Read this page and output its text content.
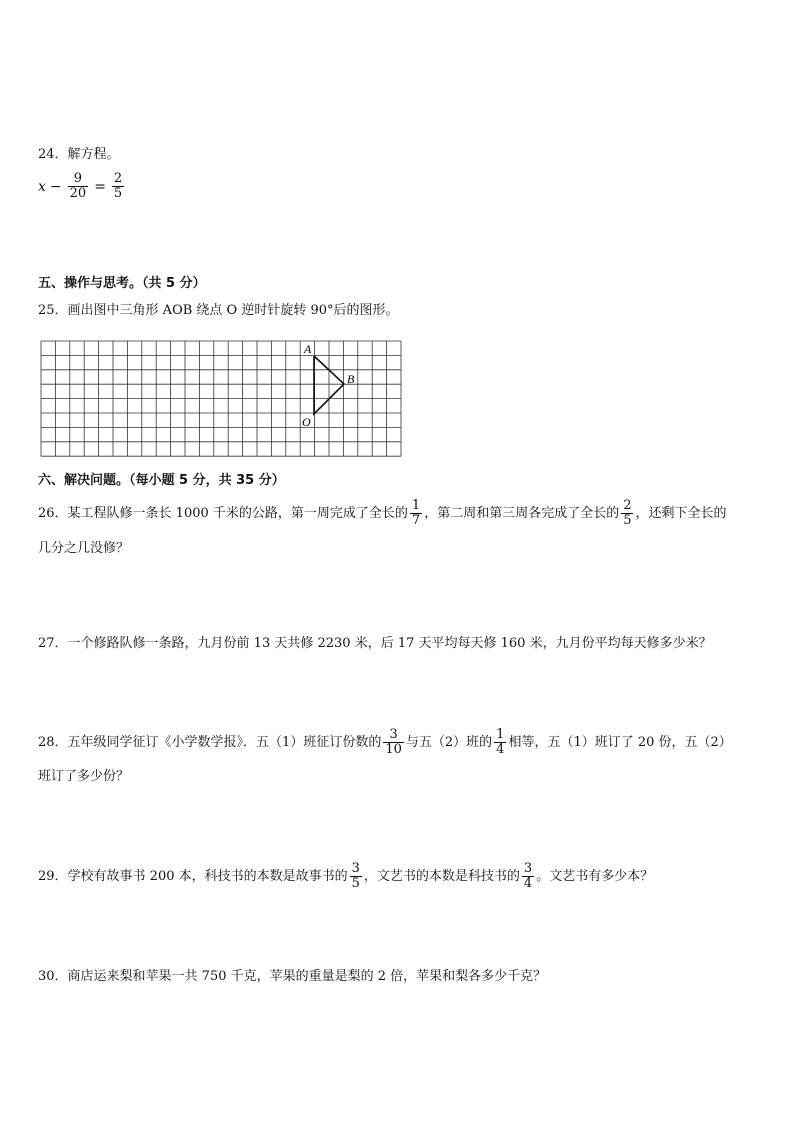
24．解方程。
$x - \frac{9}{20} = \frac{2}{5}$
五、操作与思考。（共 5 分）
25．画出图中三角形 AOB 绕点 O 逆时针旋转 90°后的图形。
A
B
O
六、解决问题。（每小题 5 分，共 35 分）
26．某工程队修一条长 1000 千米的公路，第一周完成了全长的 $\frac{1}{7}$ ，第二周和第三周各完成了全长的 $\frac{2}{5}$ ，还剩下全长的
几分之几没修？
27．一个修路队修一条路，九月份前 13 天共修 2230 米，后 17 天平均每天修 160 米，九月份平均每天修多少米？
28．五年级同学征订《小学数学报》．五（1）班征订份数的 $\frac{3}{10}$ 与五（2）班的 $\frac{1}{4}$ 相等，五（1）班订了 20 份，五（2）
班订了多少份？
29．学校有故事书 200 本，科技书的本数是故事书的 $\frac{3}{5}$ ，文艺书的本数是科技书的 $\frac{3}{4}$ 。文艺书有多少本？
30．商店运来梨和苹果一共 750 千克，苹果的重量是梨的 2 倍，苹果和梨各多少千克？
